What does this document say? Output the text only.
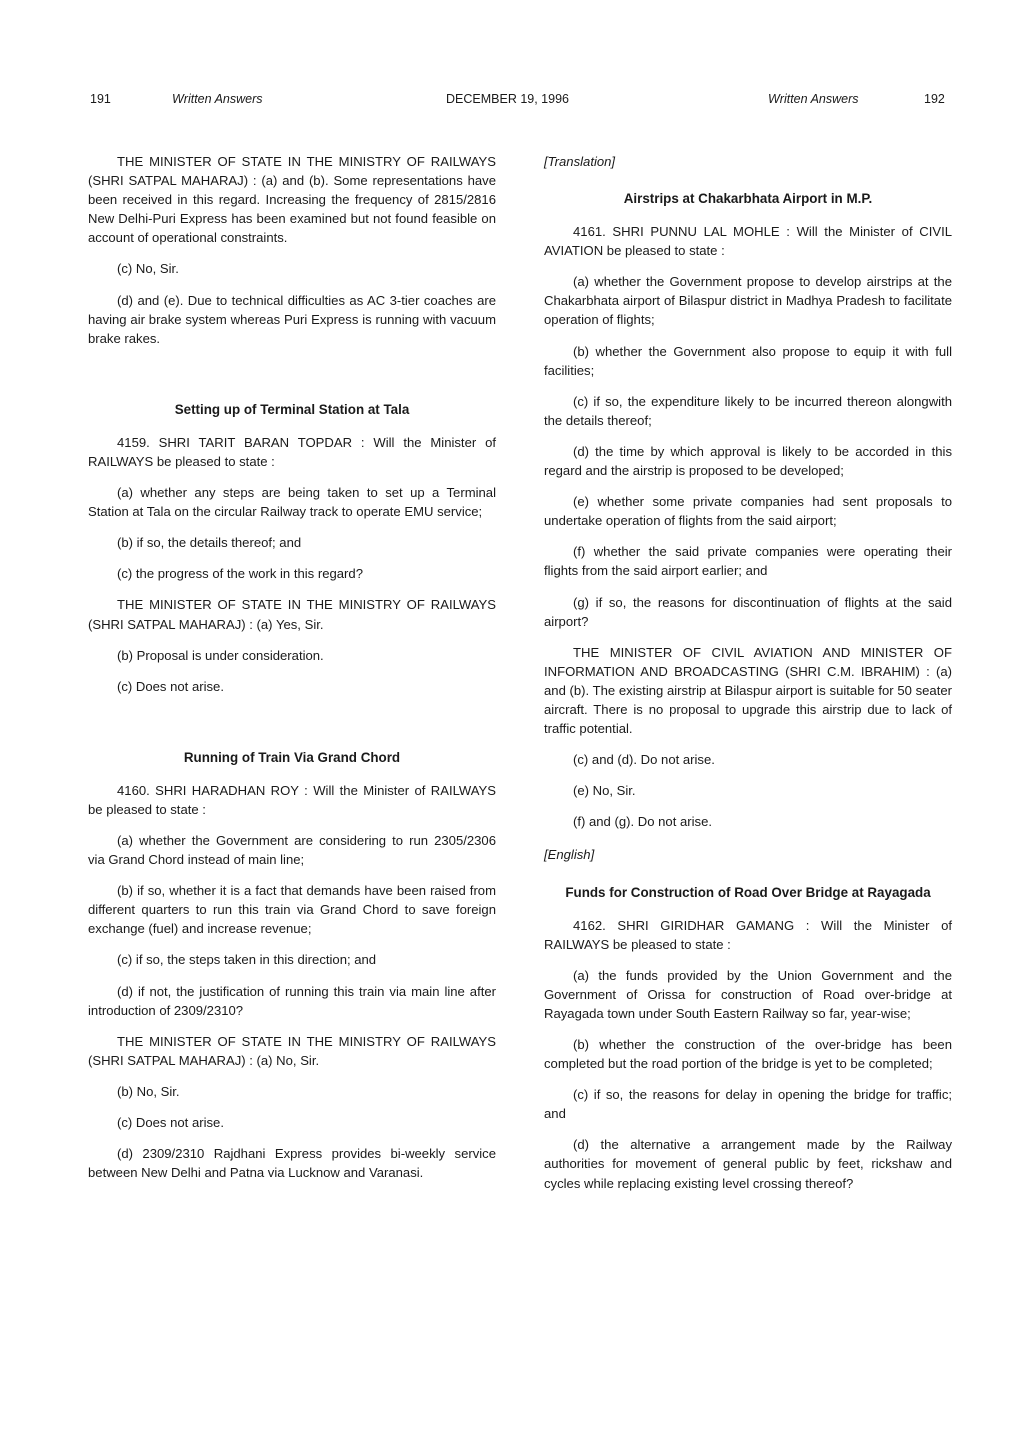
191	Written Answers	DECEMBER 19, 1996	Written Answers	192

THE MINISTER OF STATE IN THE MINISTRY OF RAILWAYS (SHRI SATPAL MAHARAJ) : (a) and (b). Some representations have been received in this regard. Increasing the frequency of 2815/2816 New Delhi-Puri Express has been examined but not found feasible on account of operational constraints.

(c) No, Sir.

(d) and (e). Due to technical difficulties as AC 3-tier coaches are having air brake system whereas Puri Express is running with vacuum brake rakes.

Setting up of Terminal Station at Tala

4159. SHRI TARIT BARAN TOPDAR : Will the Minister of RAILWAYS be pleased to state :

(a) whether any steps are being taken to set up a Terminal Station at Tala on the circular Railway track to operate EMU service;

(b) if so, the details thereof; and

(c) the progress of the work in this regard?

THE MINISTER OF STATE IN THE MINISTRY OF RAILWAYS (SHRI SATPAL MAHARAJ) : (a) Yes, Sir.

(b) Proposal is under consideration.

(c) Does not arise.

Running of Train Via Grand Chord

4160. SHRI HARADHAN ROY : Will the Minister of RAILWAYS be pleased to state :

(a) whether the Government are considering to run 2305/2306 via Grand Chord instead of main line;

(b) if so, whether it is a fact that demands have been raised from different quarters to run this train via Grand Chord to save foreign exchange (fuel) and increase revenue;

(c) if so, the steps taken in this direction; and

(d) if not, the justification of running this train via main line after introduction of 2309/2310?

THE MINISTER OF STATE IN THE MINISTRY OF RAILWAYS (SHRI SATPAL MAHARAJ) : (a) No, Sir.

(b) No, Sir.

(c) Does not arise.

(d) 2309/2310 Rajdhani Express provides bi-weekly service between New Delhi and Patna via Lucknow and Varanasi.

[Translation]

Airstrips at Chakarbhata Airport in M.P.

4161. SHRI PUNNU LAL MOHLE : Will the Minister of CIVIL AVIATION be pleased to state :

(a) whether the Government propose to develop airstrips at the Chakarbhata airport of Bilaspur district in Madhya Pradesh to facilitate operation of flights;

(b) whether the Government also propose to equip it with full facilities;

(c) if so, the expenditure likely to be incurred thereon alongwith the details thereof;

(d) the time by which approval is likely to be accorded in this regard and the airstrip is proposed to be developed;

(e) whether some private companies had sent proposals to undertake operation of flights from the said airport;

(f) whether the said private companies were operating their flights from the said airport earlier; and

(g) if so, the reasons for discontinuation of flights at the said airport?

THE MINISTER OF CIVIL AVIATION AND MINISTER OF INFORMATION AND BROADCASTING (SHRI C.M. IBRAHIM) : (a) and (b). The existing airstrip at Bilaspur airport is suitable for 50 seater aircraft. There is no proposal to upgrade this airstrip due to lack of traffic potential.

(c) and (d). Do not arise.

(e) No, Sir.

(f) and (g). Do not arise.

[English]

Funds for Construction of Road Over Bridge at Rayagada

4162. SHRI GIRIDHAR GAMANG : Will the Minister of RAILWAYS be pleased to state :

(a) the funds provided by the Union Government and the Government of Orissa for construction of Road over-bridge at Rayagada town under South Eastern Railway so far, year-wise;

(b) whether the construction of the over-bridge has been completed but the road portion of the bridge is yet to be completed;

(c) if so, the reasons for delay in opening the bridge for traffic; and

(d) the alternative a arrangement made by the Railway authorities for movement of general public by feet, rickshaw and cycles while replacing existing level crossing thereof?
